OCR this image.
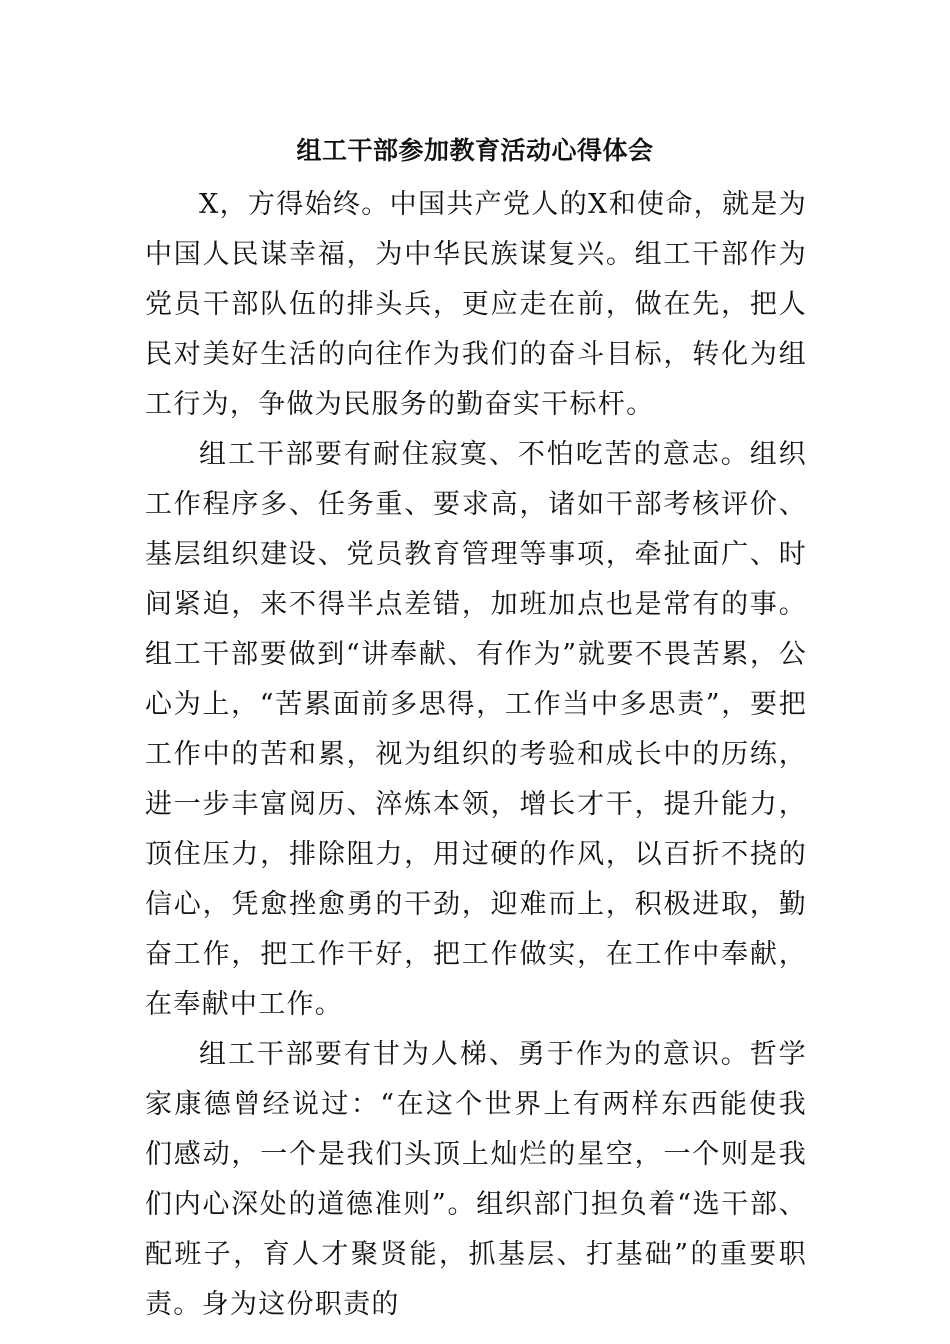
组工干部参加教育活动心得体会

X，方得始终。中国共产党人的X和使命，就是为中国人民谋幸福，为中华民族谋复兴。组工干部作为党员干部队伍的排头兵，更应走在前，做在先，把人民对美好生活的向往作为我们的奋斗目标，转化为组工行为，争做为民服务的勤奋实干标杆。

组工干部要有耐住寂寞、不怕吃苦的意志。组织工作程序多、任务重、要求高，诸如干部考核评价、基层组织建设、党员教育管理等事项，牵扯面广、时间紧迫，来不得半点差错，加班加点也是常有的事。组工干部要做到“讲奉献、有作为”就要不畏苦累，公心为上，“苦累面前多思得，工作当中多思责”，要把工作中的苦和累，视为组织的考验和成长中的历练，进一步丰富阅历、淬炼本领，增长才干，提升能力，顶住压力，排除阻力，用过硬的作风，以百折不挠的信心，凭愈挫愈勇的干劲，迎难而上，积极进取，勤奋工作，把工作干好，把工作做实，在工作中奉献，在奉献中工作。

组工干部要有甘为人梯、勇于作为的意识。哲学家康德曾经说过：“在这个世界上有两样东西能使我们感动，一个是我们头顶上灿烂的星空，一个则是我们内心深处的道德准则”。组织部门担负着“选干部、配班子，育人才聚贤能，抓基层、打基础”的重要职责。身为这份职责的
